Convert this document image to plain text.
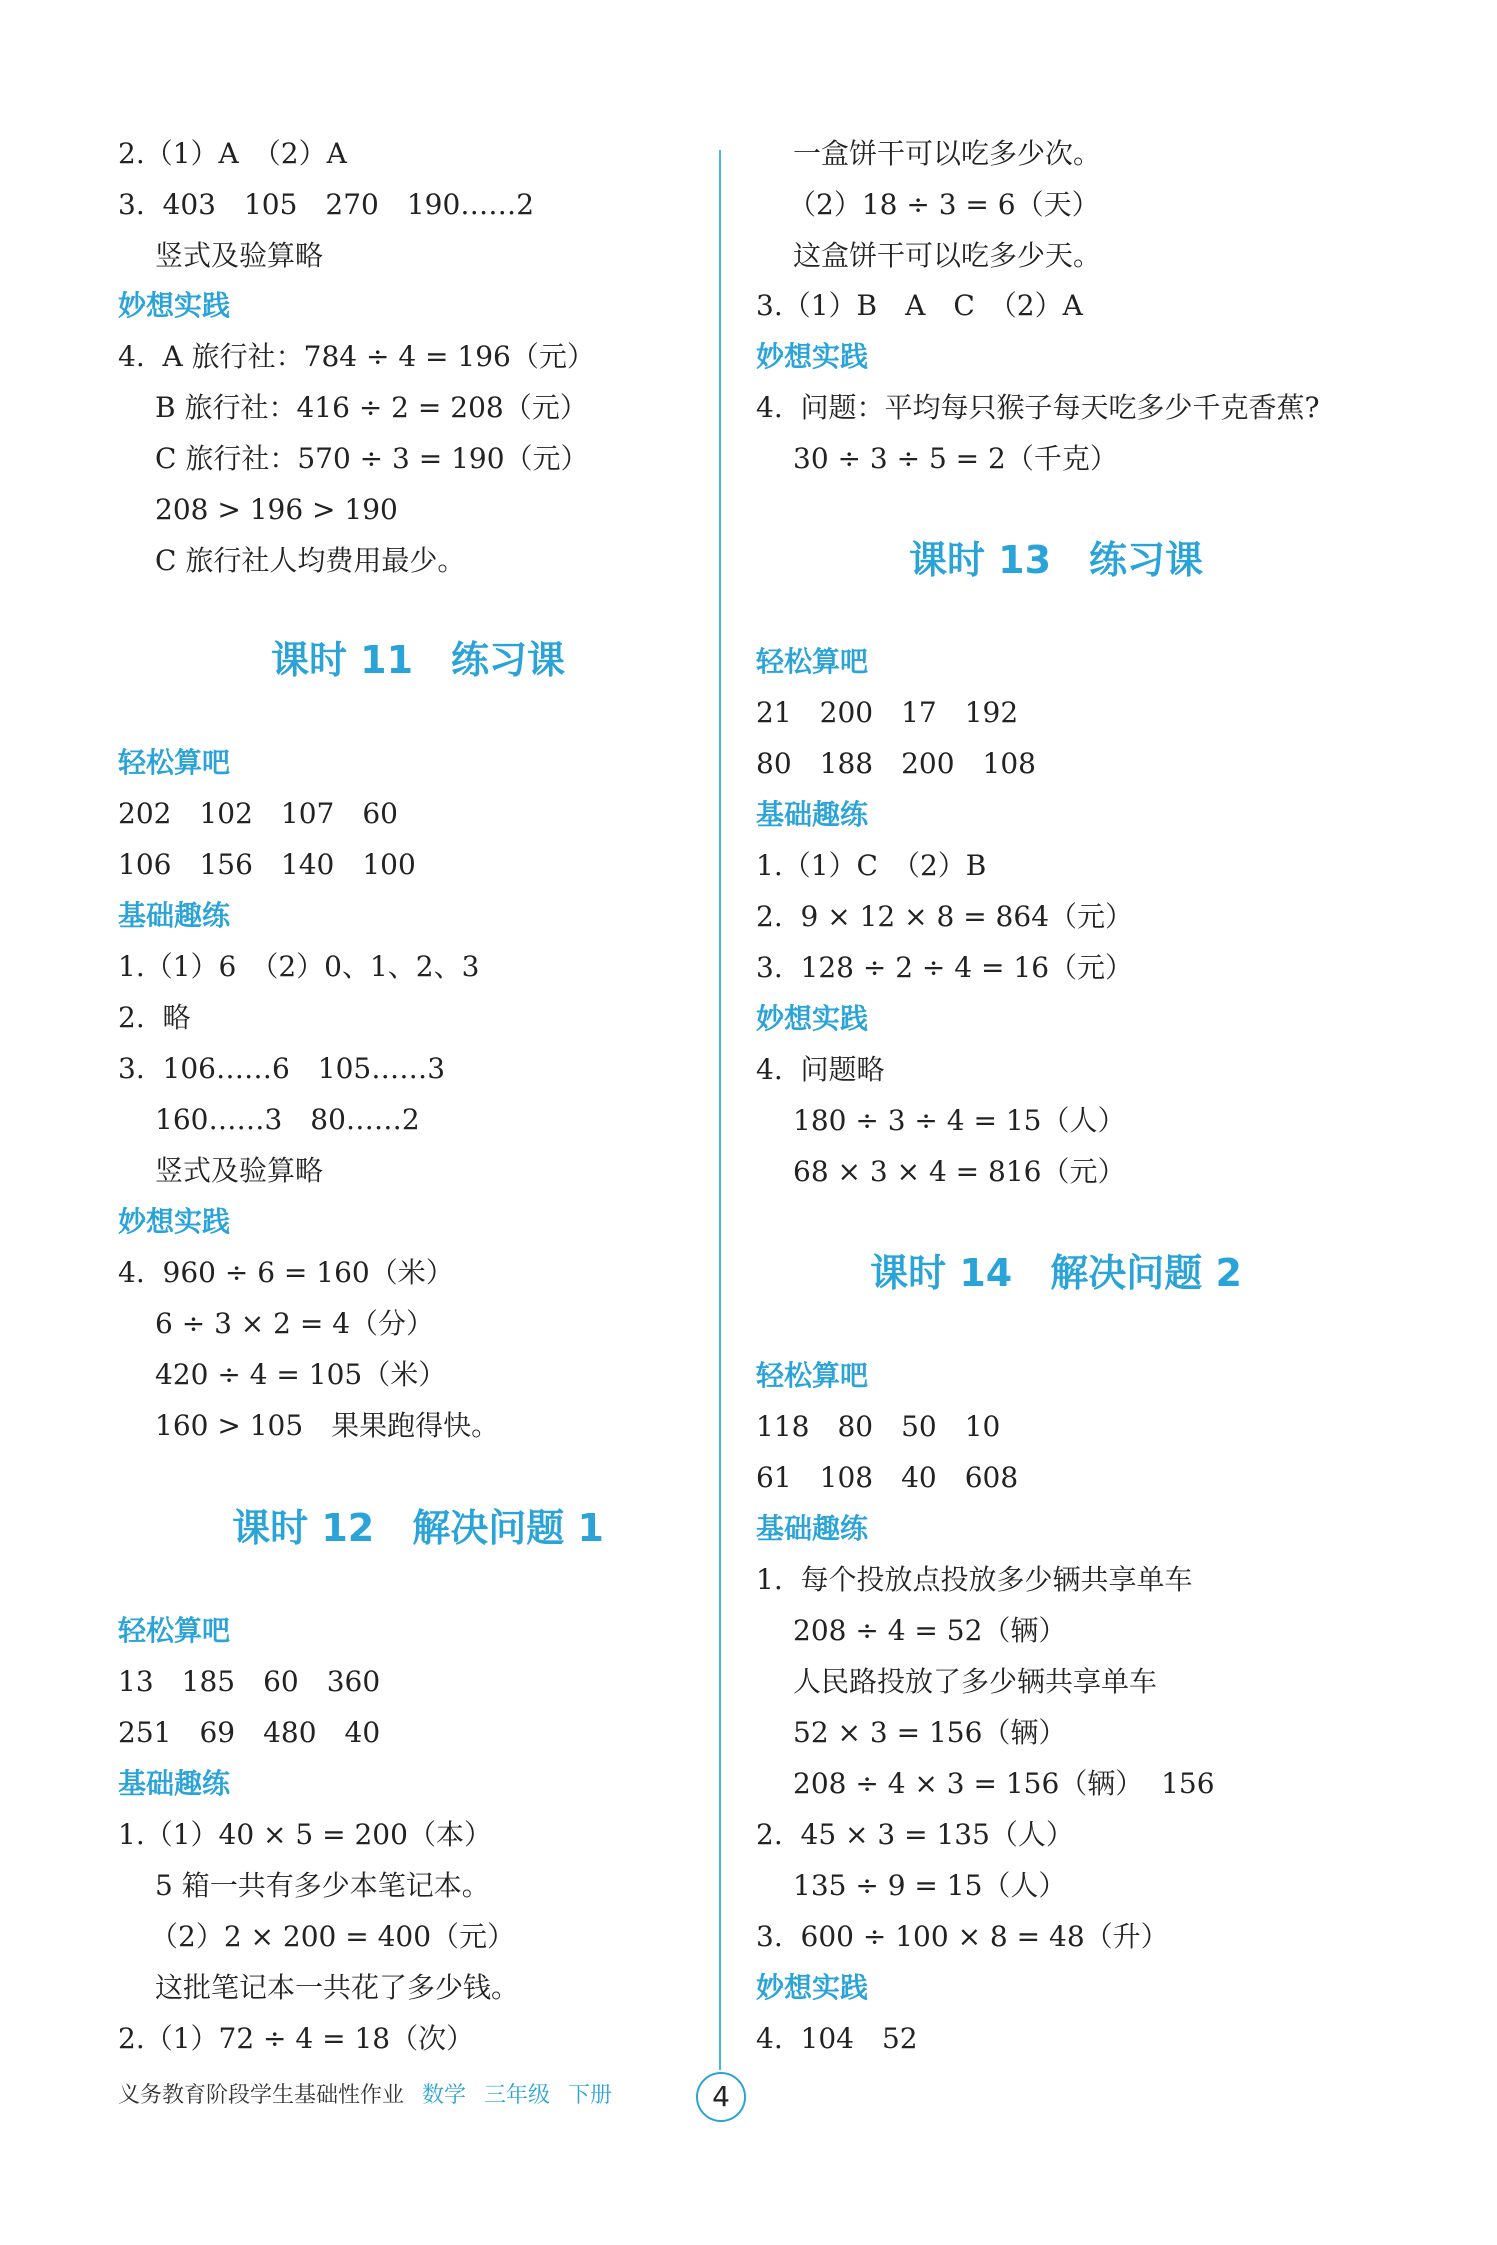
2.（1）A　（2）A
3.  403　105　270　190……2
竖式及验算略
妙想实践
4.  A 旅行社：784 ÷ 4 = 196（元）
B 旅行社：416 ÷ 2 = 208（元）
C 旅行社：570 ÷ 3 = 190（元）
208 > 196 > 190
C 旅行社人均费用最少。
课时 11　练习课
轻松算吧
202　102　107　60
106　156　140　100
基础趣练
1.（1）6　（2）0、1、2、3
2.  略
3.  106……6　105……3
160……3　80……2
竖式及验算略
妙想实践
4.  960 ÷ 6 = 160（米）
6 ÷ 3 × 2 = 4（分）
420 ÷ 4 = 105（米）
160 > 105　果果跑得快。
课时 12　解决问题 1
轻松算吧
13　185　60　360
251　69　480　40
基础趣练
1.（1）40 × 5 = 200（本）
5 箱一共有多少本笔记本。
（2）2 × 200 = 400（元）
这批笔记本一共花了多少钱。
2.（1）72 ÷ 4 = 18（次）
一盒饼干可以吃多少次。
（2）18 ÷ 3 = 6（天）
这盒饼干可以吃多少天。
3.（1）B　A　C　（2）A
妙想实践
4.  问题：平均每只猴子每天吃多少千克香蕉?
30 ÷ 3 ÷ 5 = 2（千克）
课时 13　练习课
轻松算吧
21　200　17　192
80　188　200　108
基础趣练
1.（1）C　（2）B
2.  9 × 12 × 8 = 864（元）
3.  128 ÷ 2 ÷ 4 = 16（元）
妙想实践
4.  问题略
180 ÷ 3 ÷ 4 = 15（人）
68 × 3 × 4 = 816（元）
课时 14　解决问题 2
轻松算吧
118　80　50　10
61　108　40　608
基础趣练
1.  每个投放点投放多少辆共享单车
208 ÷ 4 = 52（辆）
人民路投放了多少辆共享单车
52 × 3 = 156（辆）
208 ÷ 4 × 3 = 156（辆）  156
2.  45 × 3 = 135（人）
135 ÷ 9 = 15（人）
3.  600 ÷ 100 × 8 = 48（升）
妙想实践
4.  104　52
义务教育阶段学生基础性作业 数学 三年级 下册	4
